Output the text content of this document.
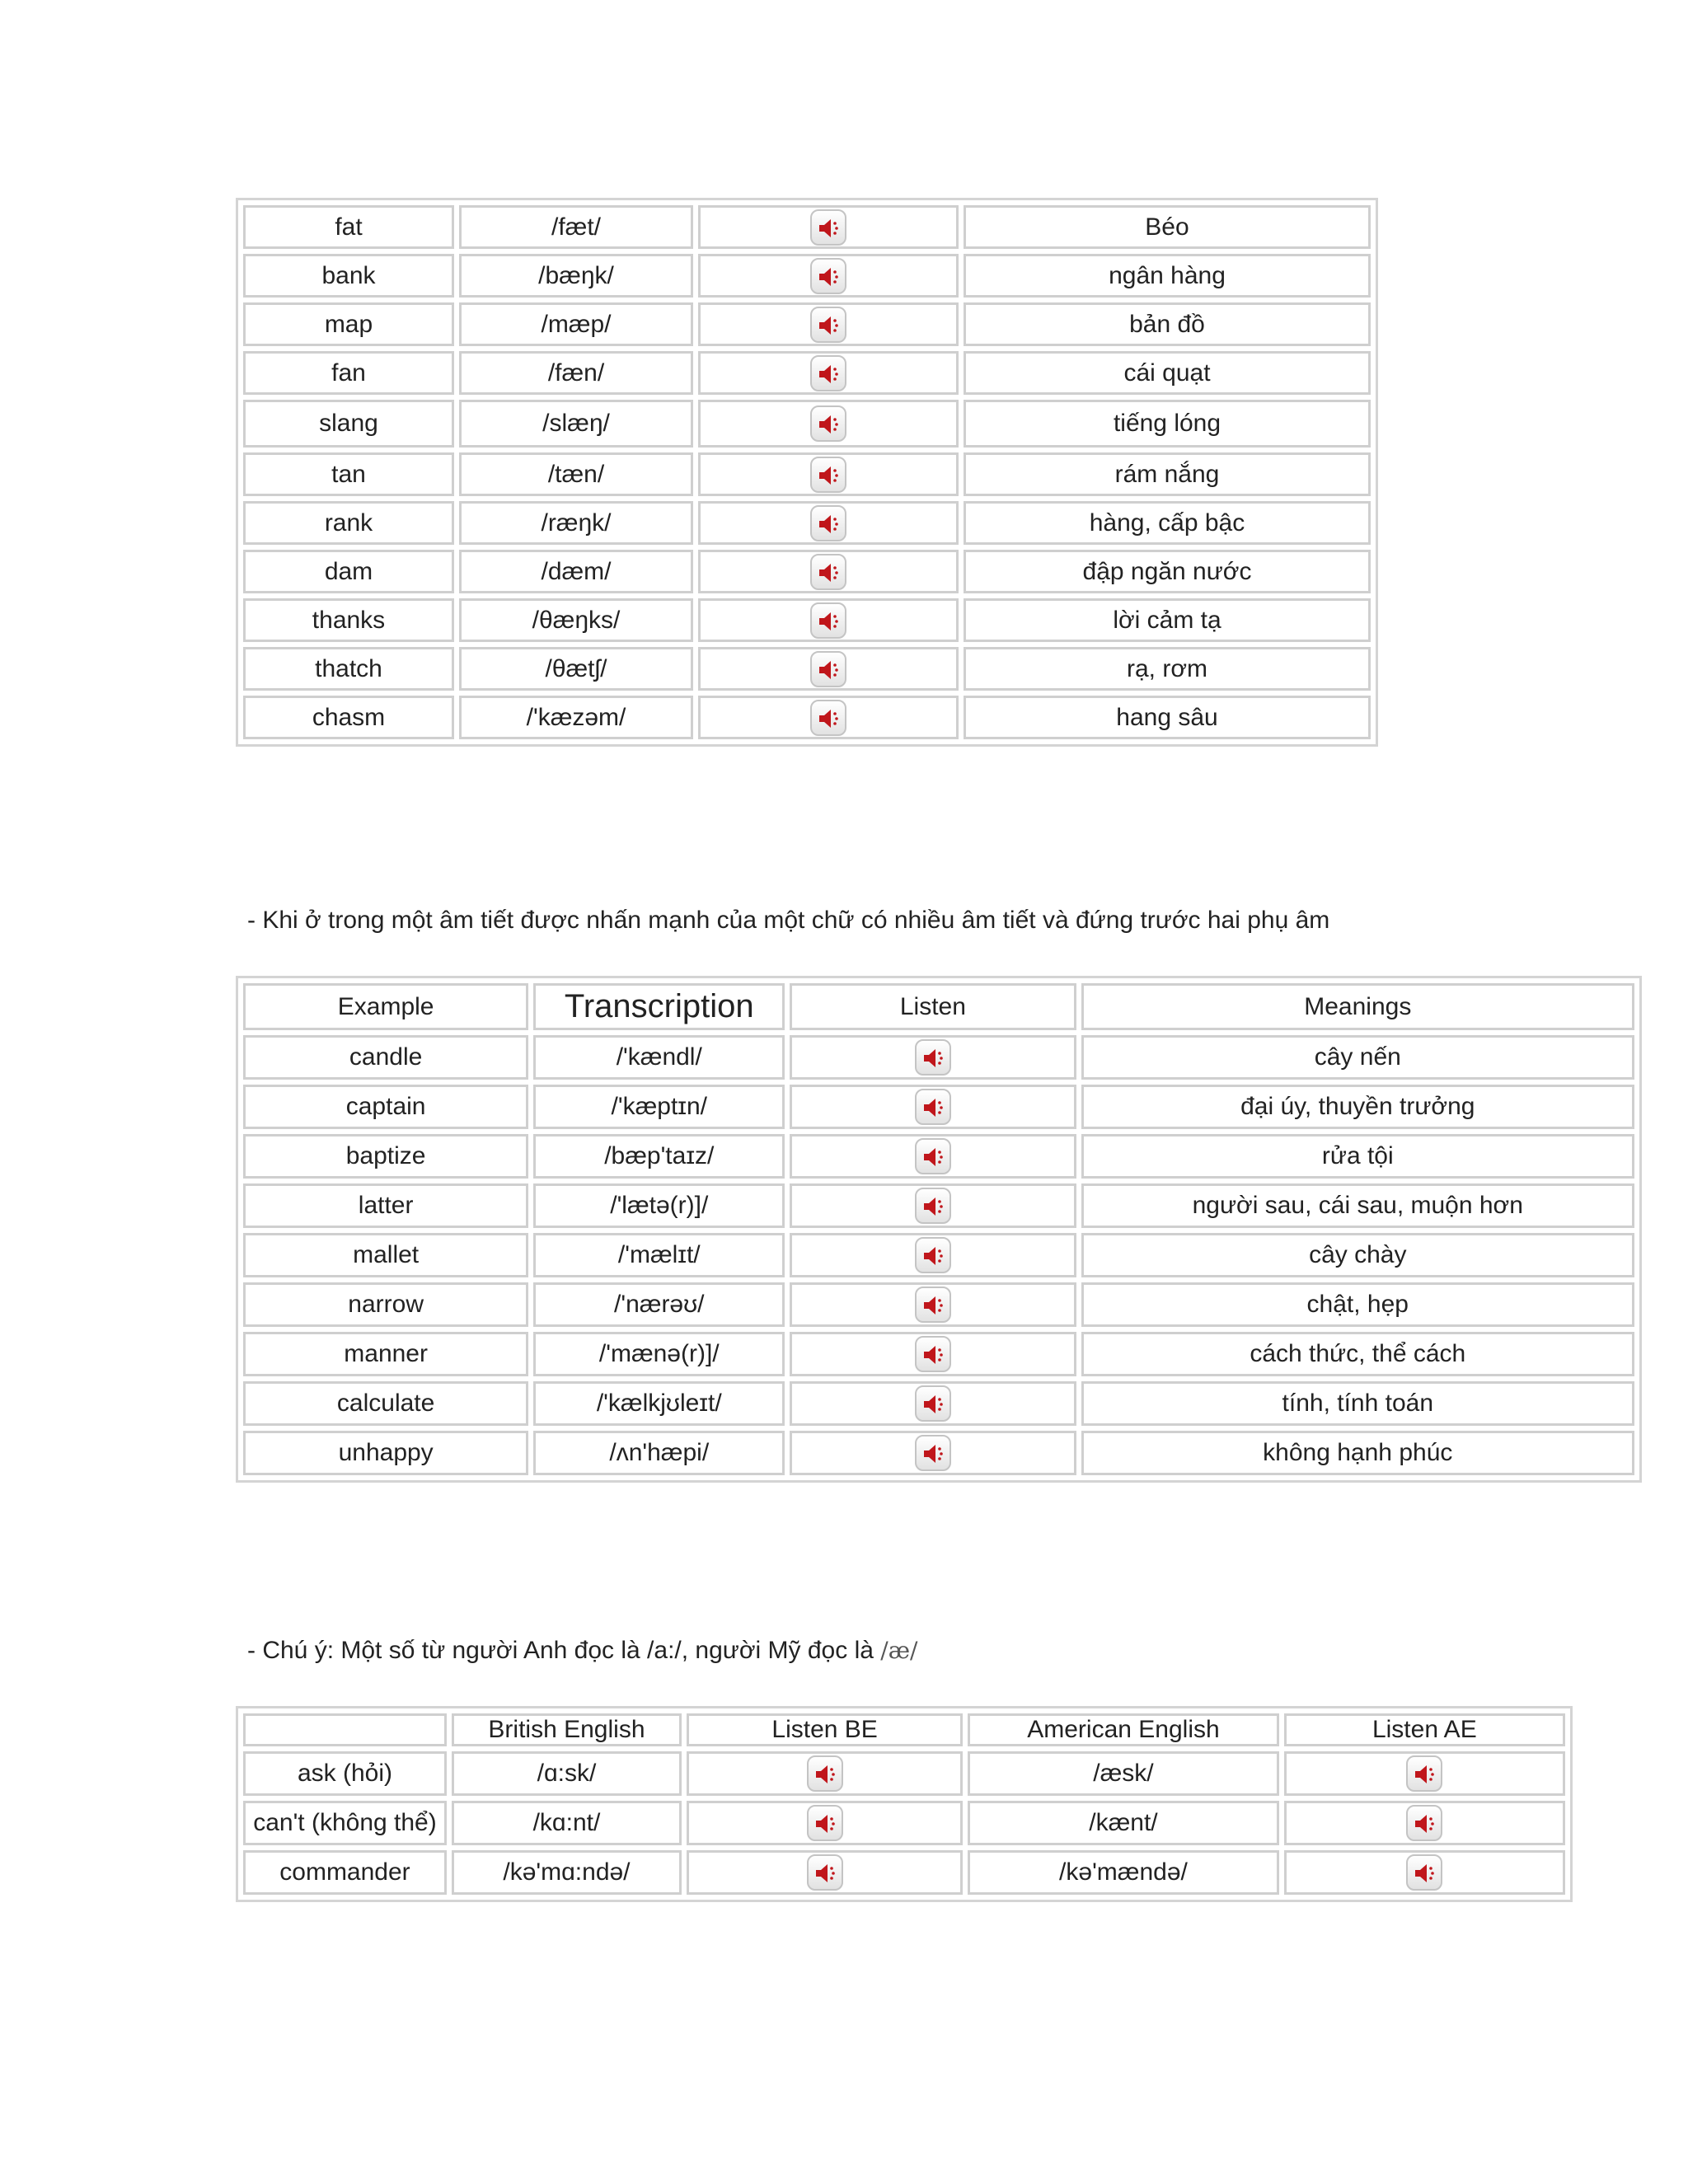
fat	/fæt/		Béo
bank	/bæŋk/		ngân hàng
map	/mæp/		bản đồ
fan	/fæn/		cái quạt
slang	/slæŋ/		tiếng lóng
tan	/tæn/		rám nắng
rank	/ræŋk/		hàng, cấp bậc
dam	/dæm/		đập ngăn nước
thanks	/θæŋks/		lời cảm tạ
thatch	/θætʃ/		rạ, rơm
chasm	/'kæzəm/		hang sâu
- Khi ở trong một âm tiết được nhấn mạnh của một chữ có nhiều âm tiết và đứng trước hai phụ âm
Example	Transcription	Listen	Meanings
candle	/'kændl/		cây nến
captain	/'kæptɪn/		đại úy, thuyền trưởng
baptize	/bæp'taɪz/		rửa tội
latter	/'lætə(r)]/		người sau, cái sau, muộn hơn
mallet	/'mælɪt/		cây chày
narrow	/'nærəʊ/		chật, hẹp
manner	/'mænə(r)]/		cách thức, thể cách
calculate	/'kælkjʊleɪt/		tính, tính toán
unhappy	/ʌn'hæpi/		không hạnh phúc
- Chú ý: Một số từ người Anh đọc là /a:/, người Mỹ đọc là /æ/
	British English	Listen BE	American English	Listen AE
ask (hỏi)	/ɑ:sk/		/æsk/	

can't (không thể)	/kɑ:nt/		/kænt/	

commander	/kə'mɑ:ndə/		/kə'mændə/	
